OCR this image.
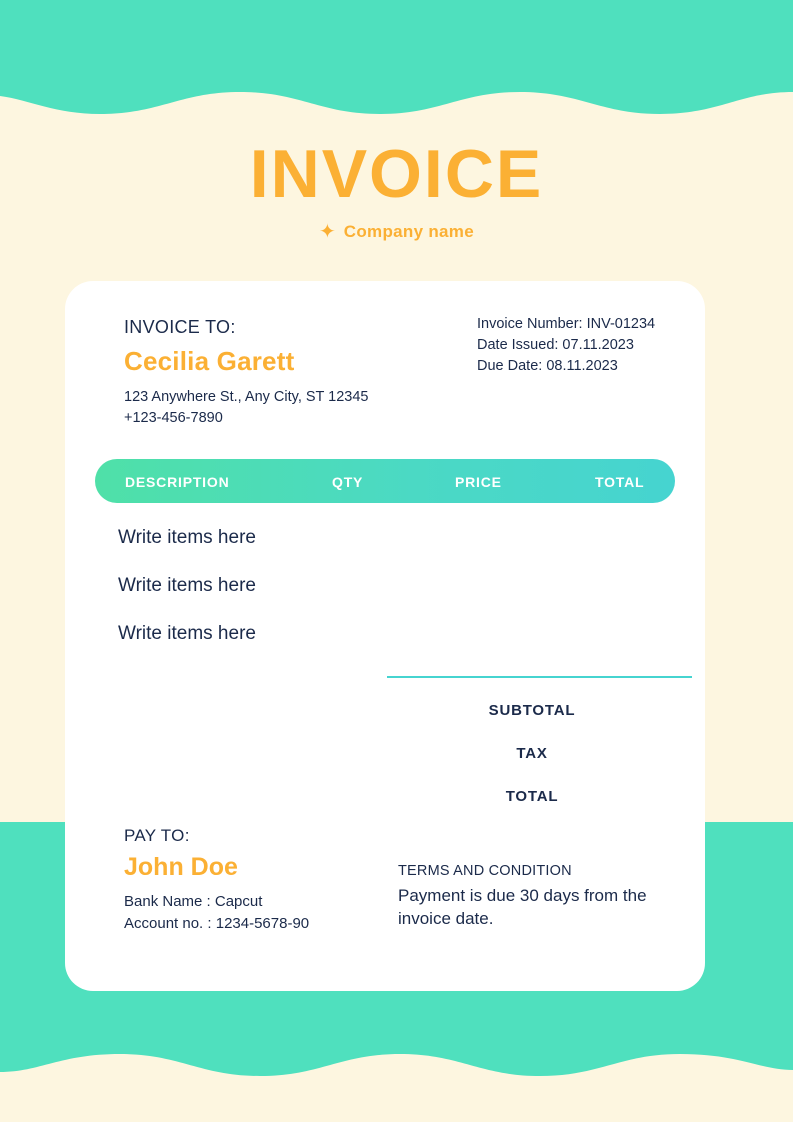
INVOICE
✦ Company name
INVOICE TO:
Cecilia Garett
123 Anywhere St., Any City, ST 12345
+123-456-7890
Invoice Number: INV-01234
Date Issued: 07.11.2023
Due Date: 08.11.2023
DESCRIPTION	QTY	PRICE	TOTAL
Write items here
Write items here
Write items here
SUBTOTAL
TAX
TOTAL
PAY TO:
John Doe
Bank Name : Capcut
Account no. : 1234-5678-90
TERMS AND CONDITION
Payment is due 30 days from the invoice date.
